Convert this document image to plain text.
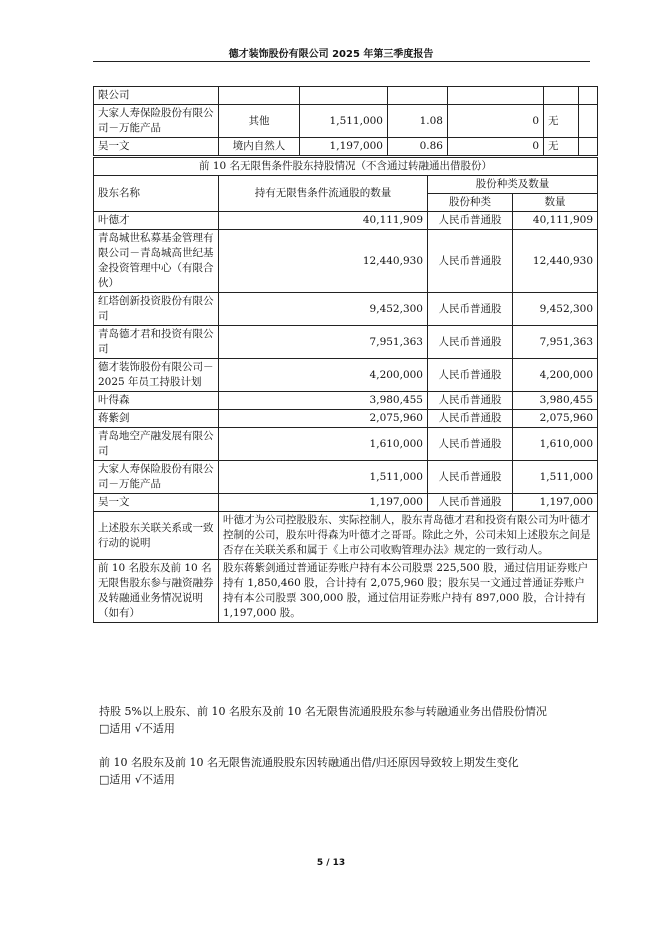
德才装饰股份有限公司 2025 年第三季度报告
限公司						
大家人寿保险股份有限公司－万能产品	其他	1,511,000	1.08	0	无	
吴一文	境内自然人	1,197,000	0.86	0	无	
前 10 名无限售条件股东持股情况（不含通过转融通出借股份）			
股东名称	持有无限售条件流通股的数量	股份种类及数量	
		股份种类	数量
叶德才	40,111,909	人民币普通股	40,111,909
青岛城世私募基金管理有限公司－青岛城高世纪基金投资管理中心（有限合伙）	12,440,930	人民币普通股	12,440,930
红塔创新投资股份有限公司	9,452,300	人民币普通股	9,452,300
青岛德才君和投资有限公司	7,951,363	人民币普通股	7,951,363
德才装饰股份有限公司－2025 年员工持股计划	4,200,000	人民币普通股	4,200,000
叶得森	3,980,455	人民币普通股	3,980,455
蒋紫剑	2,075,960	人民币普通股	2,075,960
青岛地空产融发展有限公司	1,610,000	人民币普通股	1,610,000
大家人寿保险股份有限公司－万能产品	1,511,000	人民币普通股	1,511,000
吴一文	1,197,000	人民币普通股	1,197,000
上述股东关联关系或一致行动的说明	叶德才为公司控股股东、实际控制人，股东青岛德才君和投资有限公司为叶德才控制的公司，股东叶得森为叶德才之哥哥。除此之外，公司未知上述股东之间是否存在关联关系和属于《上市公司收购管理办法》规定的一致行动人。		
前 10 名股东及前 10 名无限售股东参与融资融券及转融通业务情况说明（如有）	股东蒋紫剑通过普通证券账户持有本公司股票 225,500 股，通过信用证券账户持有 1,850,460 股，合计持有 2,075,960 股；股东吴一文通过普通证券账户持有本公司股票 300,000 股，通过信用证券账户持有 897,000 股，合计持有 1,197,000 股。		
持股 5%以上股东、前 10 名股东及前 10 名无限售流通股股东参与转融通业务出借股份情况
□适用 √不适用
前 10 名股东及前 10 名无限售流通股股东因转融通出借/归还原因导致较上期发生变化
□适用 √不适用
5 / 13
